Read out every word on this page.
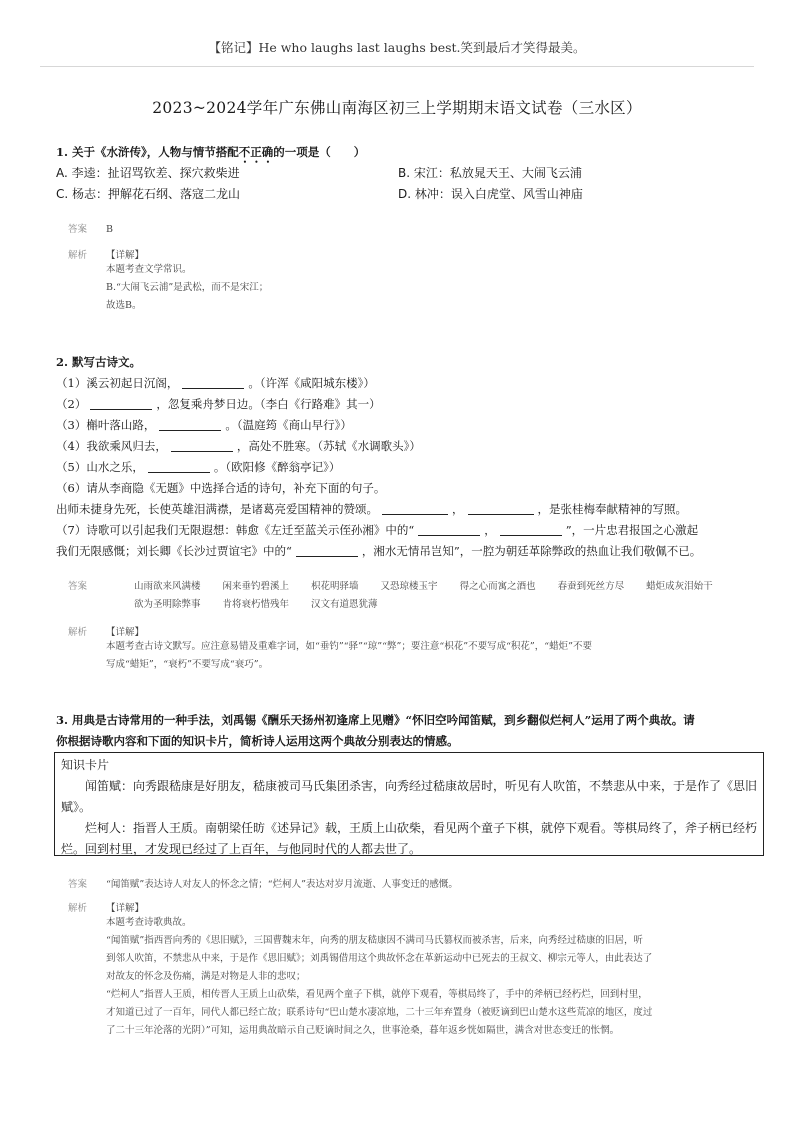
【铭记】He who laughs last laughs best.笑到最后才笑得最美。
2023~2024学年广东佛山南海区初三上学期期末语文试卷（三水区）
1. 关于《水浒传》，人物与情节搭配不正确的一项是（　　）
A. 李逵：扯诏骂钦差、探穴救柴进	B. 宋江：私放晁天王、大闹飞云浦
C. 杨志：押解花石纲、落寇二龙山	D. 林冲：误入白虎堂、风雪山神庙
答案 B
解析 【详解】
本题考查文学常识。
B.“大闹飞云浦”是武松，而不是宋江；
故选B。
2. 默写古诗文。
（1）溪云初起日沉阁，	。（许浑《咸阳城东楼》）
（2）	，忽复乘舟梦日边。（李白《行路难》其一）
（3）槲叶落山路，	。（温庭筠《商山早行》）
（4）我欲乘风归去，	，高处不胜寒。（苏轼《水调歌头》）
（5）山水之乐，	。（欧阳修《醉翁亭记》）
（6）请从李商隐《无题》中选择合适的诗句，补充下面的句子。
出师未捷身先死，长使英雄泪满襟，是诸葛亮爱国精神的赞颂。	，	，是张桂梅奉献精神的写照。
（7）诗歌可以引起我们无限遐想：韩愈《左迁至蓝关示侄孙湘》中的“	，	”，一片忠君报国之心激起
我们无限感慨；刘长卿《长沙过贾谊宅》中的“	，湘水无情吊岂知”，一腔为朝廷革除弊政的热血让我们敬佩不已。
答案	山雨欲来风满楼 闲来垂钓碧溪上 枳花明驿墙 又恐琼楼玉宇 得之心而寓之酒也 春蚕到死丝方尽 蜡炬成灰泪始干
欲为圣明除弊事 肯将衰朽惜残年 汉文有道恩犹薄
解析 【详解】
本题考查古诗文默写。应注意易错及重难字词，如“垂钓”“驿”“琼”“弊”；要注意“枳花”不要写成“积花”，“蜡炬”不要
写成“蜡矩”，“衰朽”不要写成“衰巧”。
3. 用典是古诗常用的一种手法，刘禹锡《酬乐天扬州初逢席上见赠》“怀旧空吟闻笛赋，到乡翻似烂柯人”运用了两个典故。请
你根据诗歌内容和下面的知识卡片，简析诗人运用这两个典故分别表达的情感。
知识卡片

闻笛赋：向秀跟嵇康是好朋友，嵇康被司马氏集团杀害，向秀经过嵇康故居时，听见有人吹笛，不禁悲从中来，于是作了《思旧赋》。

烂柯人：指晋人王质。南朝梁任昉《述异记》载，王质上山砍柴，看见两个童子下棋，就停下观看。等棋局终了，斧子柄已经朽烂。回到村里，才发现已经过了上百年，与他同时代的人都去世了。

答案 “闻笛赋”表达诗人对友人的怀念之情；“烂柯人”表达对岁月流逝、人事变迁的感慨。
解析 【详解】
本题考查诗歌典故。
“闻笛赋”指西晋向秀的《思旧赋》，三国曹魏末年，向秀的朋友嵇康因不满司马氏篡权而被杀害，后来，向秀经过嵇康的旧居，听
到邻人吹笛，不禁悲从中来，于是作《思旧赋》；刘禹锡借用这个典故怀念在革新运动中已死去的王叔文、柳宗元等人，由此表达了
对故友的怀念及伤痛，满是对物是人非的悲叹；
“烂柯人”指晋人王质，相传晋人王质上山砍柴，看见两个童子下棋，就停下观看，等棋局终了，手中的斧柄已经朽烂，回到村里，
才知道已过了一百年，同代人都已经亡故；联系诗句“巴山楚水凄凉地，二十三年弃置身（被贬谪到巴山楚水这些荒凉的地区，度过
了二十三年沦落的光阴）”可知，运用典故暗示自己贬谪时间之久，世事沧桑，暮年返乡恍如隔世，满含对世态变迁的怅惘。
